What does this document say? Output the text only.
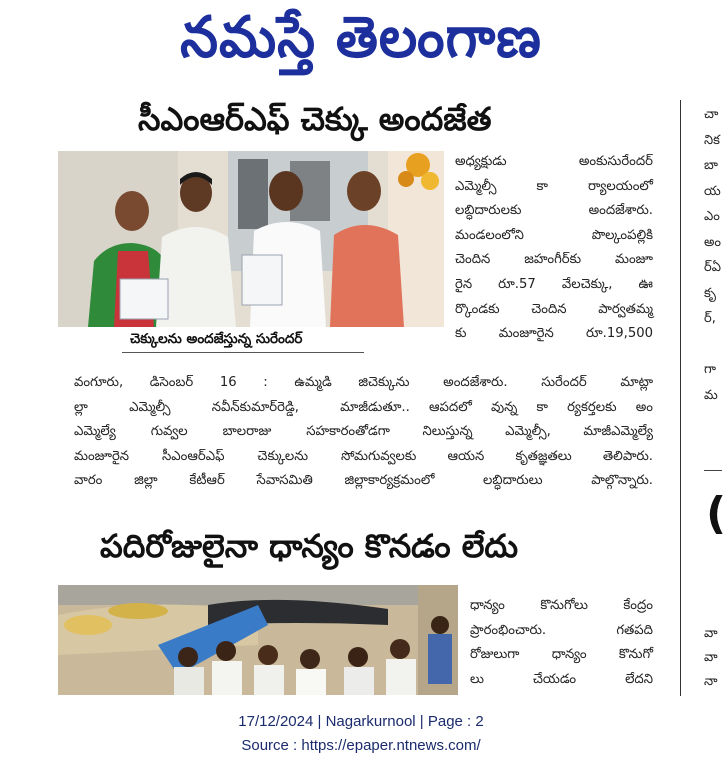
నమస్తే తెలంగాణ
సీఎంఆర్‌ఎఫ్ చెక్కు అందజేత
చెక్కులను అందజేస్తున్న సురేందర్
వంగూరు, డిసెంబర్ 16 : ఉమ్మడి జి
ల్లా ఎమ్మెల్సీ నవీన్‌కుమార్‌రెడ్డి, మాజీ
ఎమ్మెల్యే గువ్వల బాలరాజు సహకారంతో
మంజూరైన సీఎంఆర్‌ఎఫ్ చెక్కులను సోమ
వారం జిల్లా కేటీఆర్ సేవాసమితి జిల్లా
అధ్యక్షుడు అంకుసురేందర్
ఎమ్మెల్సీ కా ర్యాలయంలో
లబ్ధిదారులకు అందజేశారు.
మండలంలోని పొల్కంపల్లికి
చెందిన జహంగీర్‌కు మంజూ
రైన రూ.57 వేలచెక్కు, ఊ
ర్కొండకు చెందిన పార్వతమ్మ
కు మంజూరైన రూ.19,500
చెక్కును అందజేశారు. సురేందర్ మాట్లా
డుతూ.. ఆపదలో వున్న కా ర్యకర్తలకు అం
డగా నిలుస్తున్న ఎమ్మెల్సీ, మాజీఎమ్మెల్యే
గువ్వలకు ఆయన కృతజ్ఞతలు తెలిపారు.
కార్యక్రమంలో లబ్ధిదారులు పాల్గొన్నారు.
పదిరోజులైనా ధాన్యం కొనడం లేదు
ధాన్యం కొనుగోలు కేంద్రం
ప్రారంభించారు. గతపది
రోజులుగా ధాన్యం కొనుగో
లు చేయడం లేదని
చా
నిక
బా
య
ఎం
అం
ర్‌ఏ
కృ
ర్,
గా
మ
(
వా
వా
నా
17/12/2024 | Nagarkurnool | Page : 2
Source : https://epaper.ntnews.com/
